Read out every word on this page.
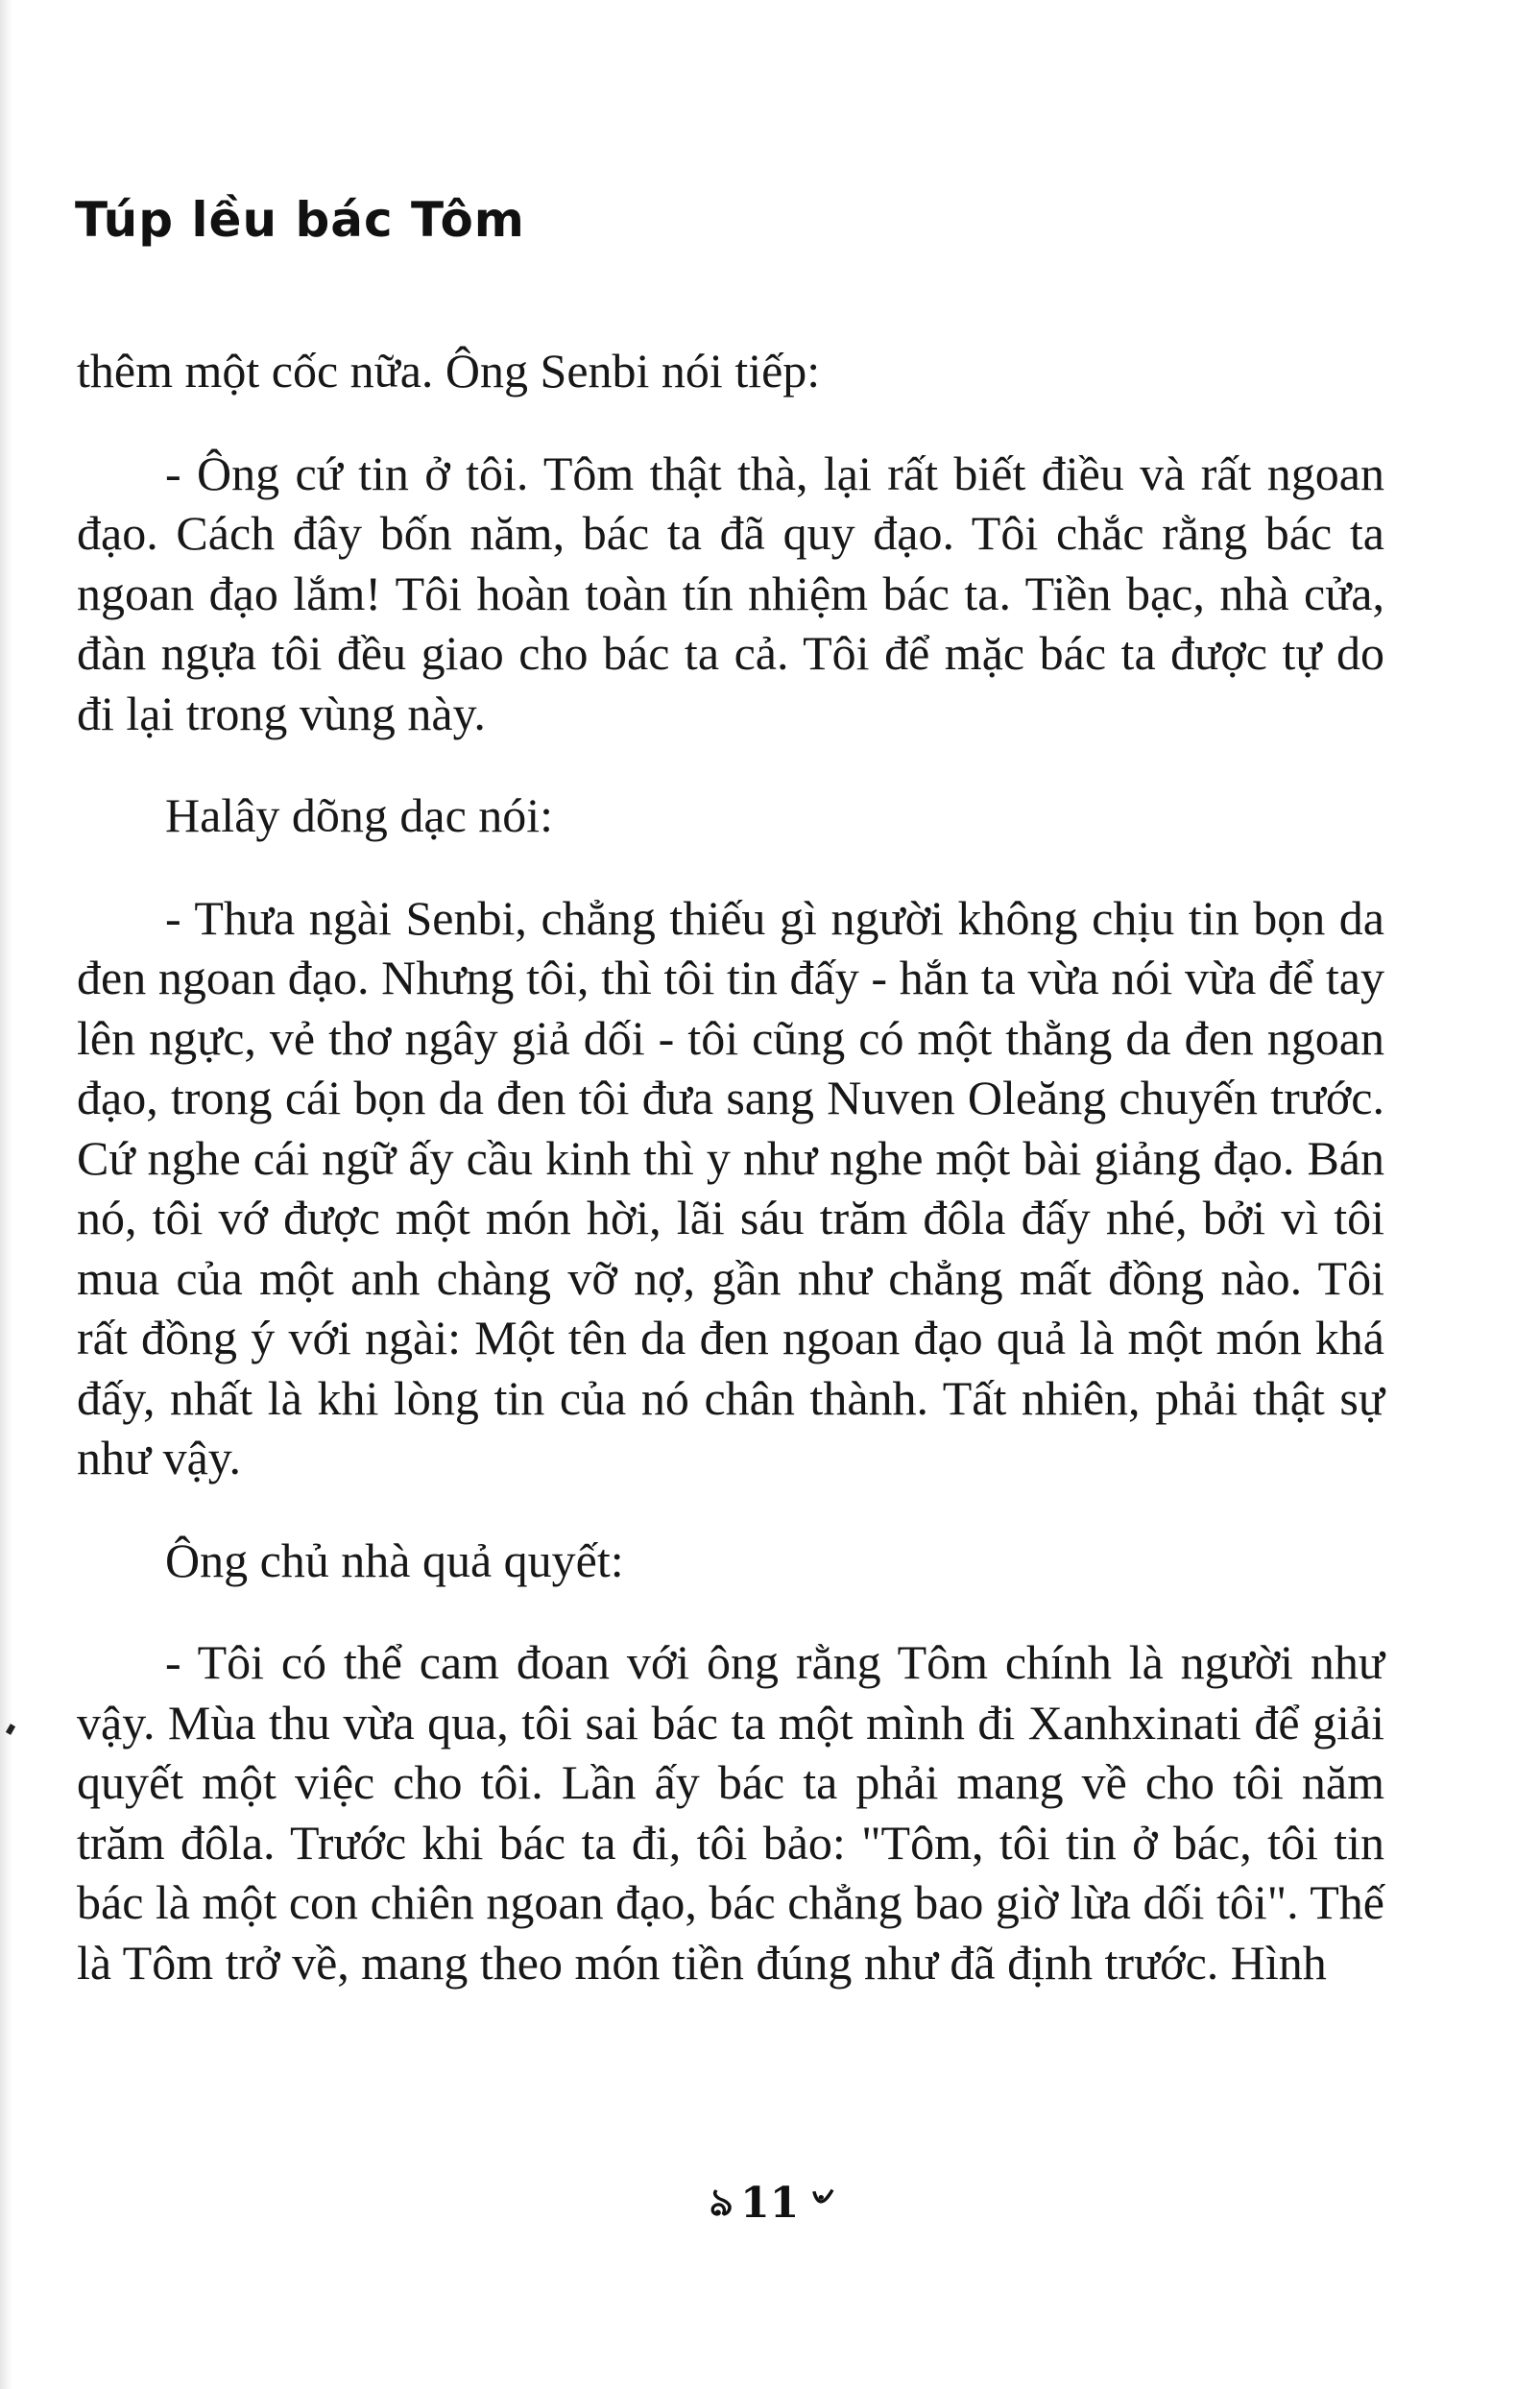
Túp lều bác Tôm

thêm một cốc nữa. Ông Senbi nói tiếp:

- Ông cứ tin ở tôi. Tôm thật thà, lại rất biết điều và rất ngoan đạo. Cách đây bốn năm, bác ta đã quy đạo. Tôi chắc rằng bác ta ngoan đạo lắm! Tôi hoàn toàn tín nhiệm bác ta. Tiền bạc, nhà cửa, đàn ngựa tôi đều giao cho bác ta cả. Tôi để mặc bác ta được tự do đi lại trong vùng này.

Halây dõng dạc nói:

- Thưa ngài Senbi, chẳng thiếu gì người không chịu tin bọn da đen ngoan đạo. Nhưng tôi, thì tôi tin đấy - hắn ta vừa nói vừa để tay lên ngực, vẻ thơ ngây giả dối - tôi cũng có một thằng da đen ngoan đạo, trong cái bọn da đen tôi đưa sang Nuven Oleăng chuyến trước. Cứ nghe cái ngữ ấy cầu kinh thì y như nghe một bài giảng đạo. Bán nó, tôi vớ được một món hời, lãi sáu trăm đôla đấy nhé, bởi vì tôi mua của một anh chàng vỡ nợ, gần như chẳng mất đồng nào. Tôi rất đồng ý với ngài: Một tên da đen ngoan đạo quả là một món khá đấy, nhất là khi lòng tin của nó chân thành. Tất nhiên, phải thật sự như vậy.

Ông chủ nhà quả quyết:

- Tôi có thể cam đoan với ông rằng Tôm chính là người như vậy. Mùa thu vừa qua, tôi sai bác ta một mình đi Xanhxinati để giải quyết một việc cho tôi. Lần ấy bác ta phải mang về cho tôi năm trăm đôla. Trước khi bác ta đi, tôi bảo: "Tôm, tôi tin ở bác, tôi tin bác là một con chiên ngoan đạo, bác chẳng bao giờ lừa dối tôi". Thế là Tôm trở về, mang theo món tiền đúng như đã định trước. Hình

ঌ 11 ৺
